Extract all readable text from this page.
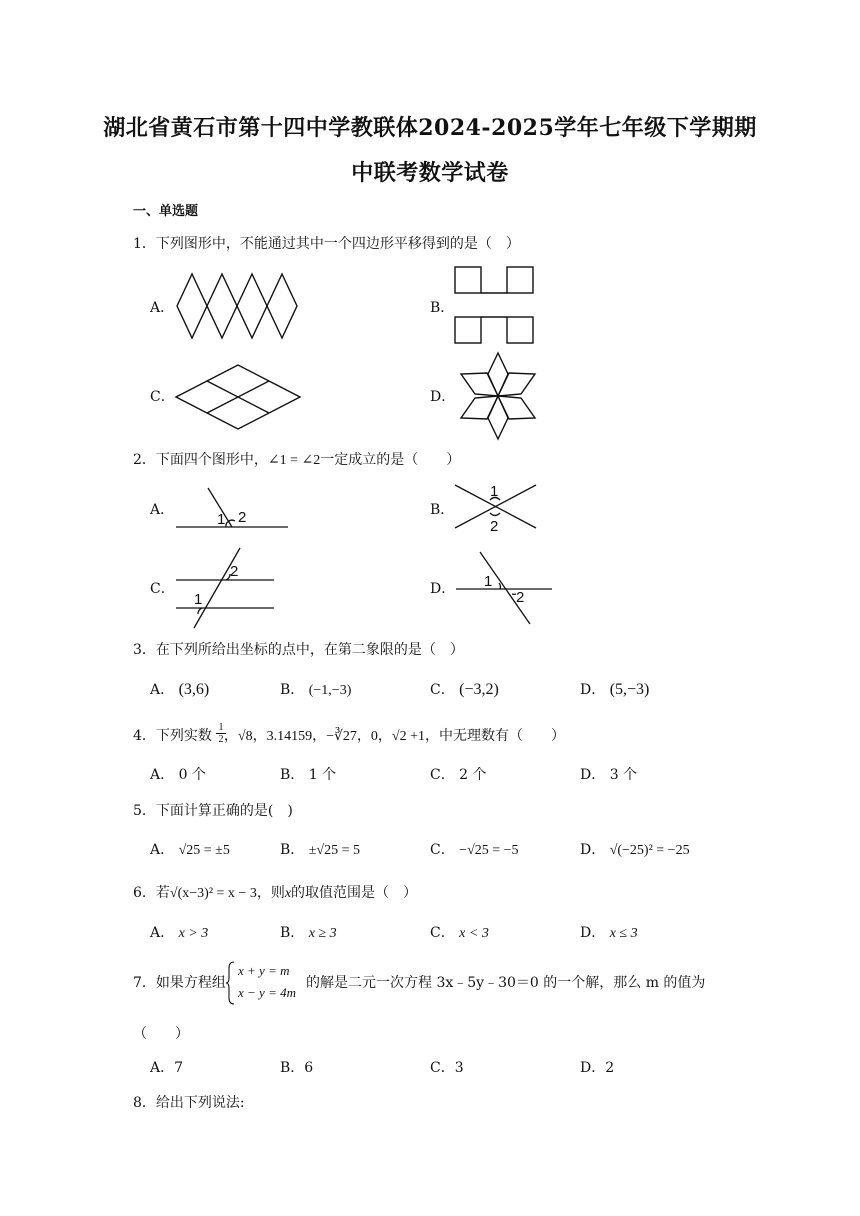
湖北省黄石市第十四中学教联体2024-2025学年七年级下学期期
中联考数学试卷
一、单选题
1．下列图形中，不能通过其中一个四边形平移得到的是（　）
A．	B．
C．	D．
2．下面四个图形中，∠1 = ∠2一定成立的是（　　）
A．	B．
C．	D．
1 2
1
2
2
1
1
2
3．在下列所给出坐标的点中，在第二象限的是（　）
A． (3,6)	B． (−1,−3)	C． (−3,2)	D． (5,−3)
4．下列实数 ，√8，3.14159，−∛27，0，√2 +1，中无理数有（　　）
$\frac{1}{2}$
A． 0 个	B． 1 个	C． 2 个	D． 3 个
5．下面计算正确的是(　)
A． √25 = ±5	B． ±√25 = 5	C． −√25 = −5	D． √(−25)² = −25
6．若√(x−3)² = x − 3，则x的取值范围是（　）
A． x > 3	B． x ≥ 3	C． x < 3	D． x ≤ 3
7．如果方程组
x + y = m
x − y = 4m
的解是二元一次方程 3x﹣5y﹣30＝0 的一个解，那么 m 的值为
（　　）
A．7	B．6	C．3	D．2
8．给出下列说法:
